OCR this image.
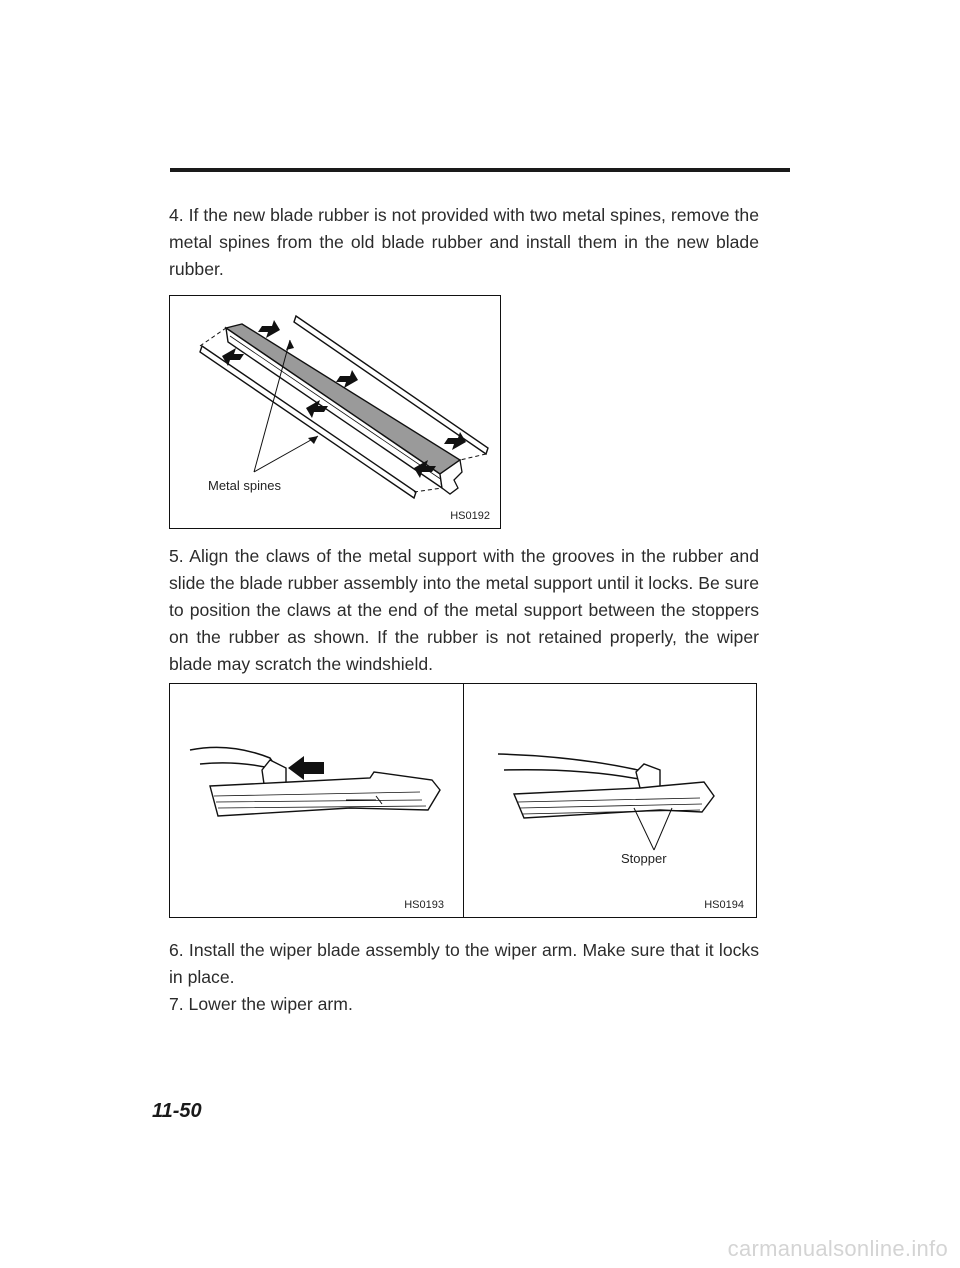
4. If the new blade rubber is not provided with two metal spines, remove the metal spines from the old blade rubber and install them in the new blade rubber.

Metal spines
HS0192

5. Align the claws of the metal support with the grooves in the rubber and slide the blade rubber assembly into the metal support until it locks. Be sure to position the claws at the end of the metal support between the stoppers on the rubber as shown. If the rubber is not retained properly, the wiper blade may scratch the windshield.

HS0193
Stopper
HS0194

6. Install the wiper blade assembly to the wiper arm. Make sure that it locks in place.

7. Lower the wiper arm.

11-50
carmanualsonline.info
